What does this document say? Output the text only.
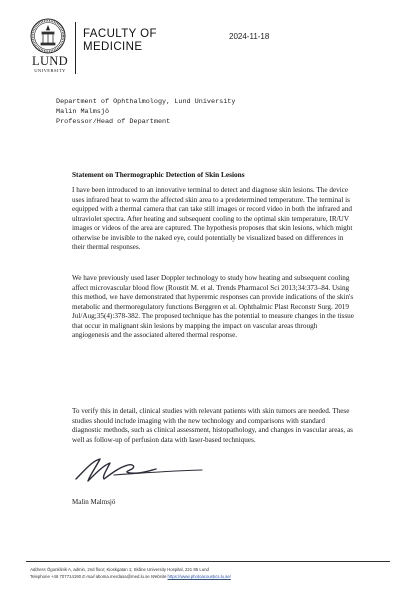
LUND
UNIVERSITY
FACULTY OF
MEDICINE
2024-11-18
Department of Ophthalmology, Lund University
Malin Malmsjö
Professor/Head of Department
Statement on Thermographic Detection of Skin Lesions
I have been introduced to an innovative terminal to detect and diagnose skin lesions. The device uses infrared heat to warm the affected skin area to a predetermined temperature. The terminal is equipped with a thermal camera that can take still images or record video in both the infrared and ultraviolet spectra. After heating and subsequent cooling to the optimal skin temperature, IR/UV images or videos of the area are captured. The hypothesis proposes that skin lesions, which might otherwise be invisible to the naked eye, could potentially be visualized based on differences in their thermal responses.
We have previously used laser Doppler technology to study how heating and subsequent cooling affect microvascular blood flow (Roustit M. et al. Trends Pharmacol Sci 2013;34:373–84. Using this method, we have demonstrated that hyperemic responses can provide indications of the skin's metabolic and thermoregulatory functions Berggren et al. Ophthalmic Plast Reconstr Surg. 2019 Jul/Aug;35(4):378-382. The proposed technique has the potential to measure changes in the tissue that occur in malignant skin lesions by mapping the impact on vascular areas through angiogenesis and the associated altered thermal response.
To verify this in detail, clinical studies with relevant patients with skin tumors are needed. These studies should include imaging with the new technology and comparisons with standard diagnostic methods, such as clinical assessment, histopathology, and changes in vascular areas, as well as follow-up of perfusion data with laser-based techniques.
Malin Malmsjö
Address Ögonklinik A, admin, 2nd floor; Kioskgatan 1; Skåne University Hospital, 221 85 Lund
Telephone +46 707714190 E-mail aboma.merdasa@med.lu.se Website https://www.photoacoustics.lu.se/
